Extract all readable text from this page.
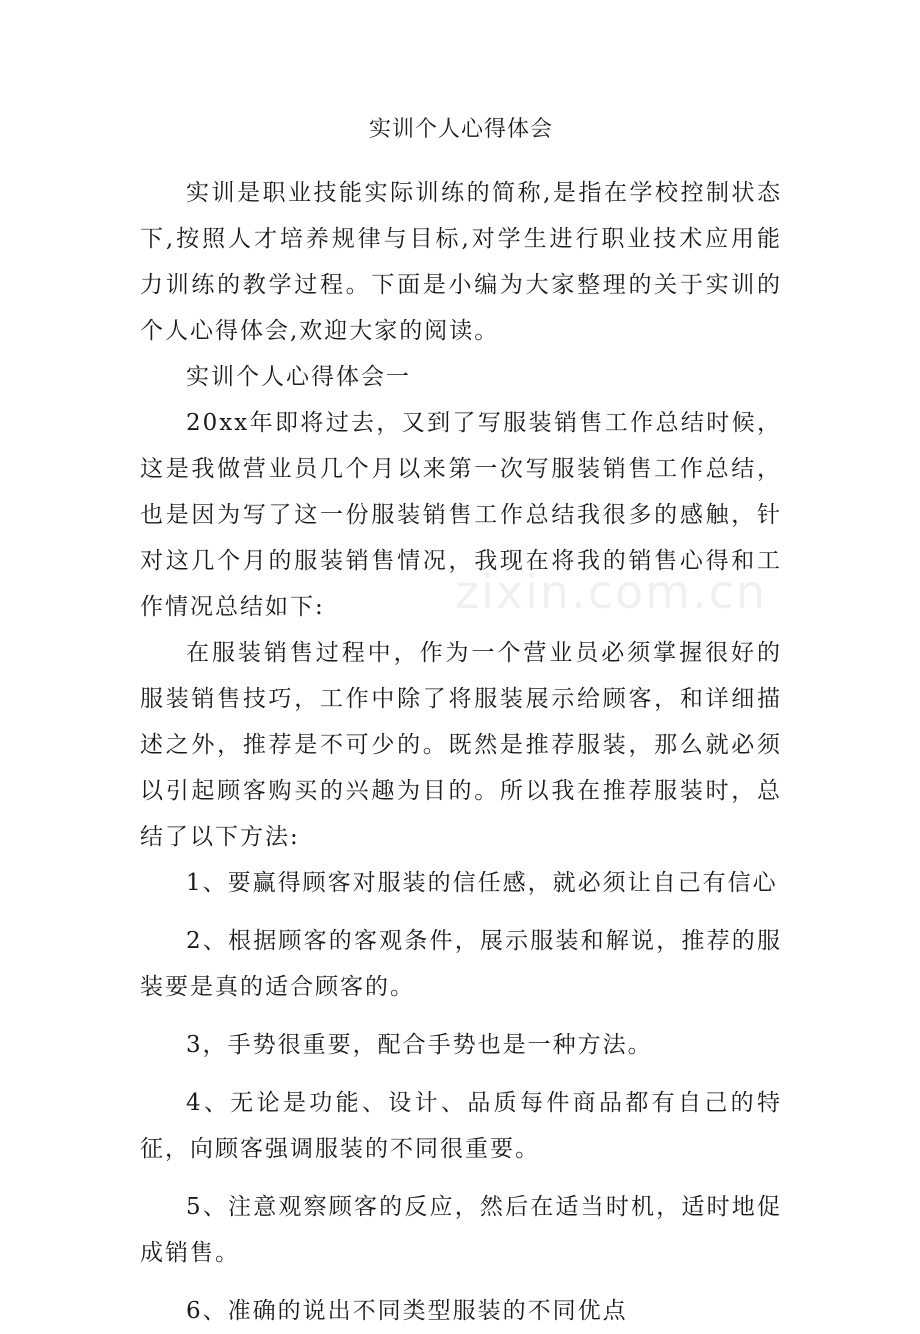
实训个人心得体会

实训是职业技能实际训练的简称,是指在学校控制状态下,按照人才培养规律与目标,对学生进行职业技术应用能力训练的教学过程。下面是小编为大家整理的关于实训的个人心得体会,欢迎大家的阅读。

实训个人心得体会一

20xx年即将过去，又到了写服装销售工作总结时候，这是我做营业员几个月以来第一次写服装销售工作总结，也是因为写了这一份服装销售工作总结我很多的感触，针对这几个月的服装销售情况，我现在将我的销售心得和工作情况总结如下:

在服装销售过程中，作为一个营业员必须掌握很好的服装销售技巧，工作中除了将服装展示给顾客，和详细描述之外，推荐是不可少的。既然是推荐服装，那么就必须以引起顾客购买的兴趣为目的。所以我在推荐服装时，总结了以下方法:

1、要赢得顾客对服装的信任感，就必须让自己有信心

2、根据顾客的客观条件，展示服装和解说，推荐的服装要是真的适合顾客的。

3，手势很重要，配合手势也是一种方法。

4、无论是功能、设计、品质每件商品都有自己的特征，向顾客强调服装的不同很重要。

5、注意观察顾客的反应，然后在适当时机，适时地促成销售。

6、准确的说出不同类型服装的不同优点

zixin.com.cn
